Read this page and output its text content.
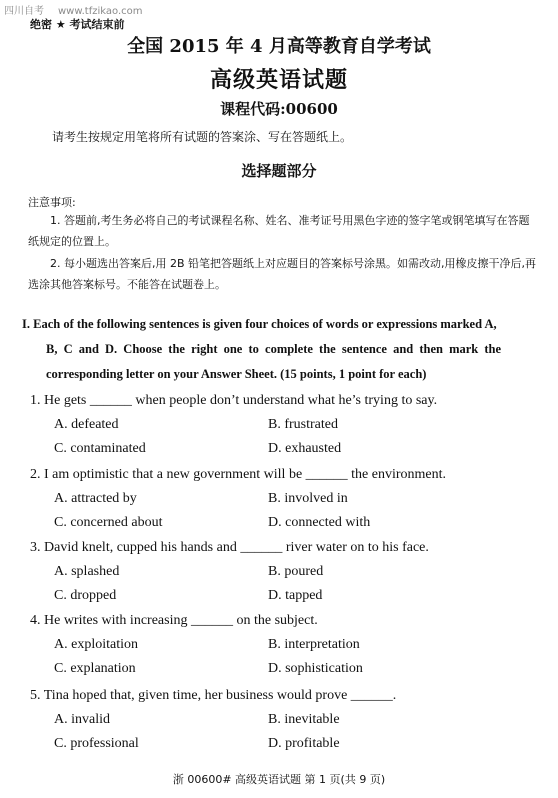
四川自考 www.tfzikao.com
绝密 ★ 考试结束前
全国 2015 年 4 月高等教育自学考试
高级英语试题
课程代码:00600
请考生按规定用笔将所有试题的答案涂、写在答题纸上。
选择题部分
注意事项:
1. 答题前,考生务必将自己的考试课程名称、姓名、准考证号用黑色字迹的签字笔或钢笔填写在答题纸规定的位置上。
2. 每小题选出答案后,用 2B 铅笔把答题纸上对应题目的答案标号涂黑。如需改动,用橡皮擦干净后,再选涂其他答案标号。不能答在试题卷上。
I. Each of the following sentences is given four choices of words or expressions marked A,
B, C and D. Choose the right one to complete the sentence and then mark the
corresponding letter on your Answer Sheet. (15 points, 1 point for each)
1. He gets ______ when people don’t understand what he’s trying to say.
A. defeated	B. frustrated
C. contaminated	D. exhausted
2. I am optimistic that a new government will be ______ the environment.
A. attracted by	B. involved in
C. concerned about	D. connected with
3. David knelt, cupped his hands and ______ river water on to his face.
A. splashed	B. poured
C. dropped	D. tapped
4. He writes with increasing ______ on the subject.
A. exploitation	B. interpretation
C. explanation	D. sophistication
5. Tina hoped that, given time, her business would prove ______.
A. invalid	B. inevitable
C. professional	D. profitable
浙 00600# 高级英语试题 第 1 页(共 9 页)
